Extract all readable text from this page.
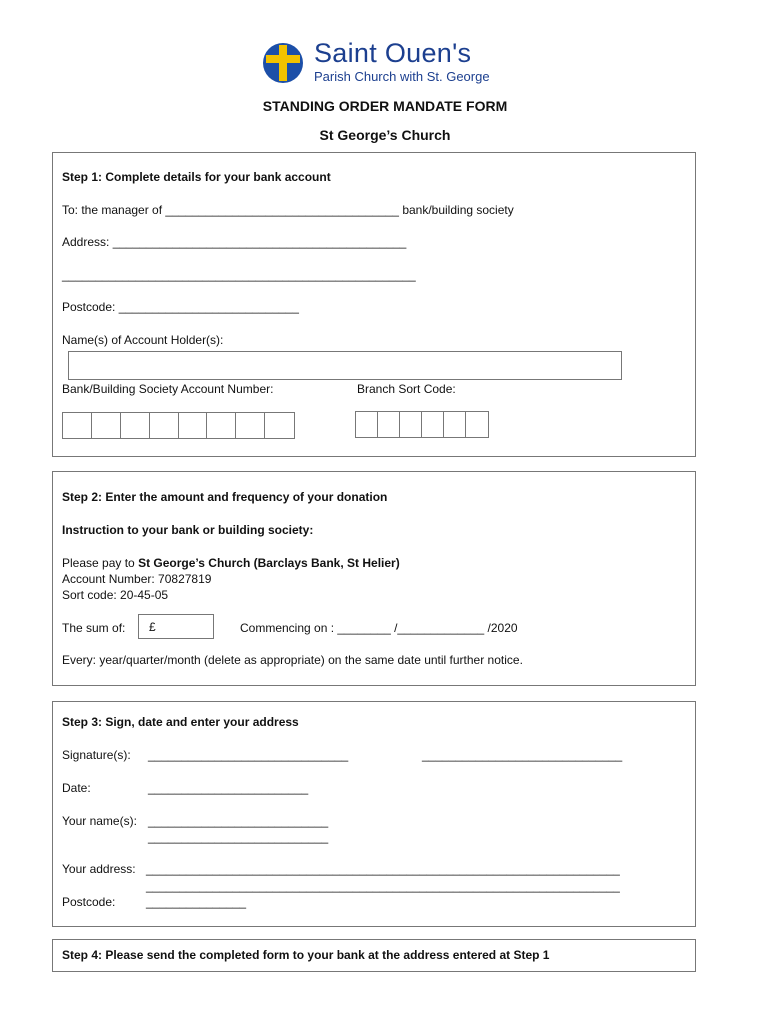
Saint Ouen's
Parish Church with St. George
STANDING ORDER MANDATE FORM
St George’s Church
Step 1: Complete details for your bank account
To: the manager of ___________________________________ bank/building society
Address: ____________________________________________
_____________________________________________________
Postcode: ___________________________
Name(s) of Account Holder(s):
Bank/Building Society Account Number:	Branch Sort Code:
Step 2: Enter the amount and frequency of your donation
Instruction to your bank or building society:
Please pay to St George’s Church (Barclays Bank, St Helier)
Account Number: 70827819
Sort code: 20-45-05
The sum of: £	Commencing on : ________ /_____________ /2020
Every: year/quarter/month (delete as appropriate) on the same date until further notice.
Step 3: Sign, date and enter your address
Signature(s): ______________________________	______________________________
Date:	________________________
Your name(s): ___________________________
___________________________
Your address: _______________________________________________________________________
_______________________________________________________________________
Postcode:	_______________
Step 4: Please send the completed form to your bank at the address entered at Step 1
